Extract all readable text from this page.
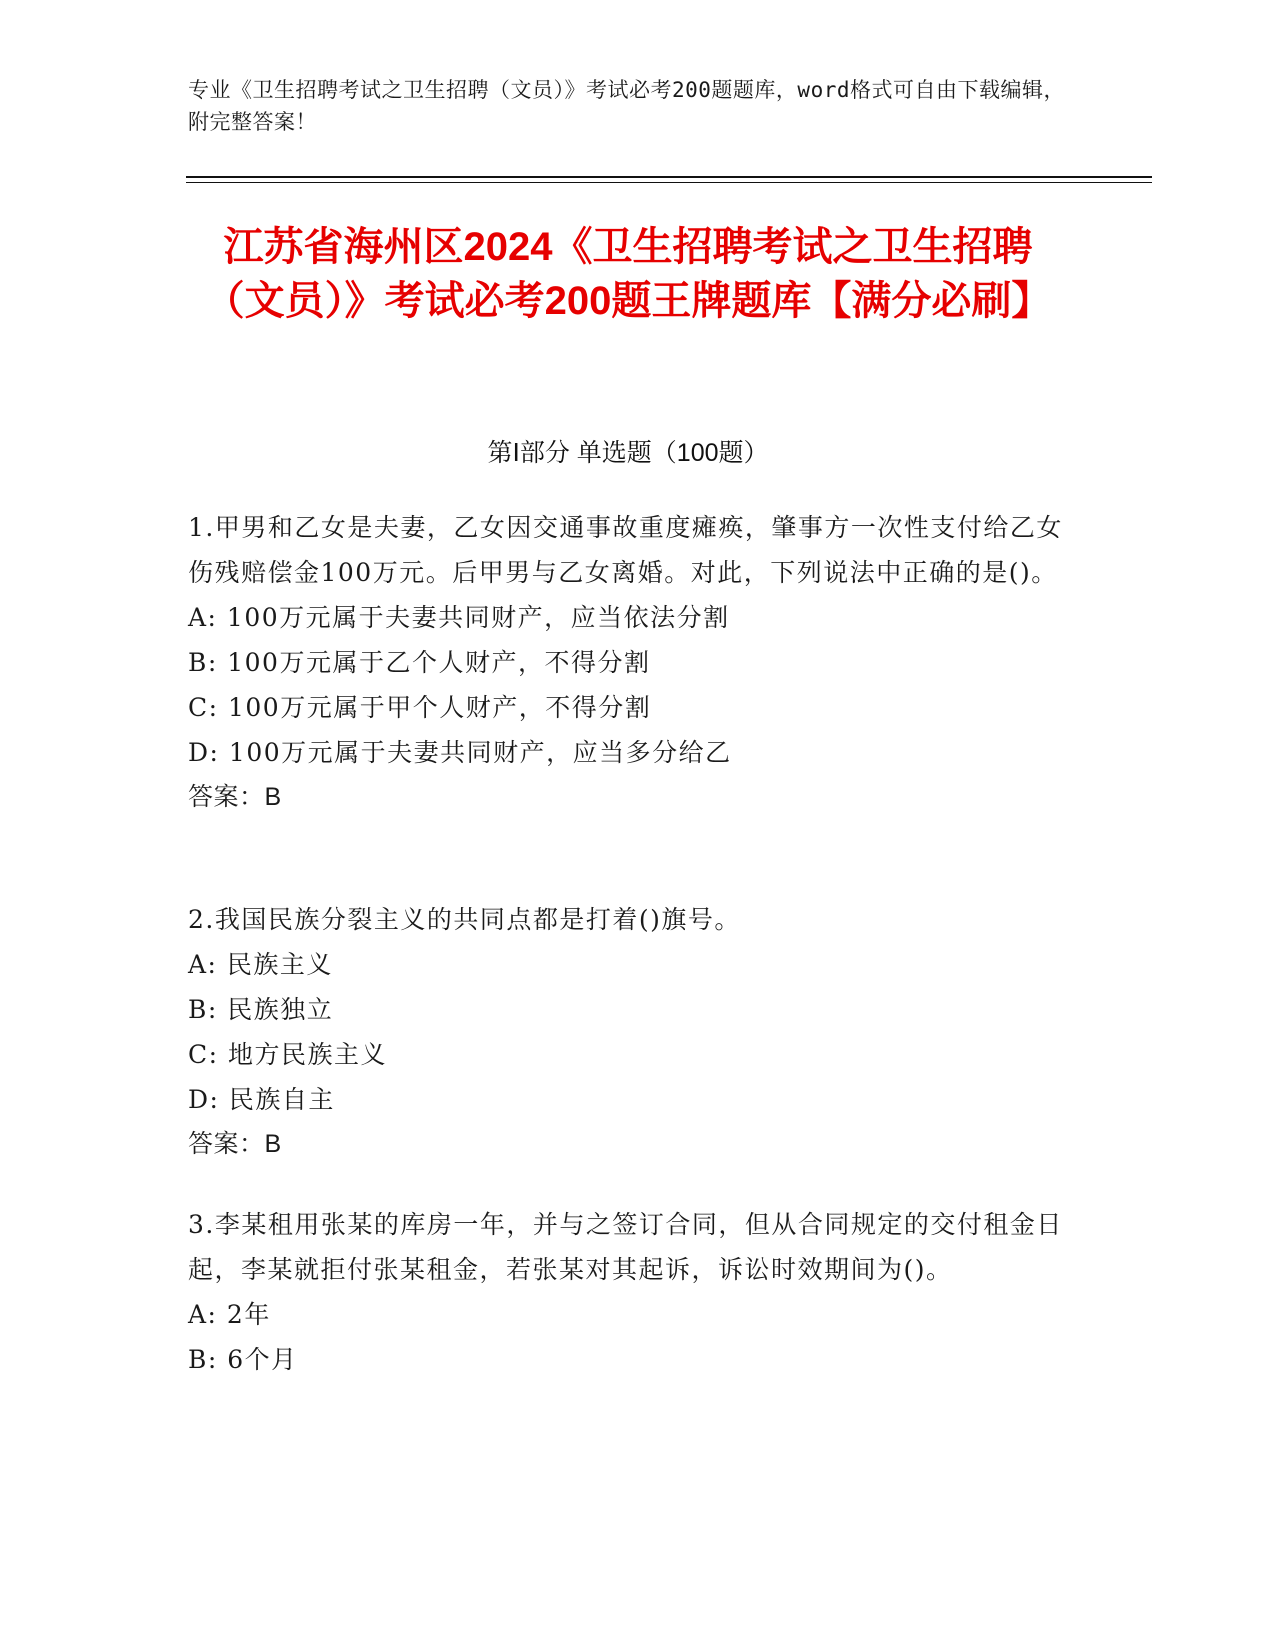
专业《卫生招聘考试之卫生招聘（文员）》考试必考200题题库，word格式可自由下载编辑，附完整答案！
江苏省海州区2024《卫生招聘考试之卫生招聘（文员）》考试必考200题王牌题库【满分必刷】
第Ⅰ部分 单选题（100题）

1.甲男和乙女是夫妻，乙女因交通事故重度瘫痪，肇事方一次性支付给乙女伤残赔偿金100万元。后甲男与乙女离婚。对此，下列说法中正确的是()。

A: 100万元属于夫妻共同财产，应当依法分割

B: 100万元属于乙个人财产，不得分割

C: 100万元属于甲个人财产，不得分割

D: 100万元属于夫妻共同财产，应当多分给乙

答案：B

2.我国民族分裂主义的共同点都是打着()旗号。

A: 民族主义

B: 民族独立

C: 地方民族主义

D: 民族自主

答案：B

3.李某租用张某的库房一年，并与之签订合同，但从合同规定的交付租金日起，李某就拒付张某租金，若张某对其起诉，诉讼时效期间为()。

A: 2年

B: 6个月
